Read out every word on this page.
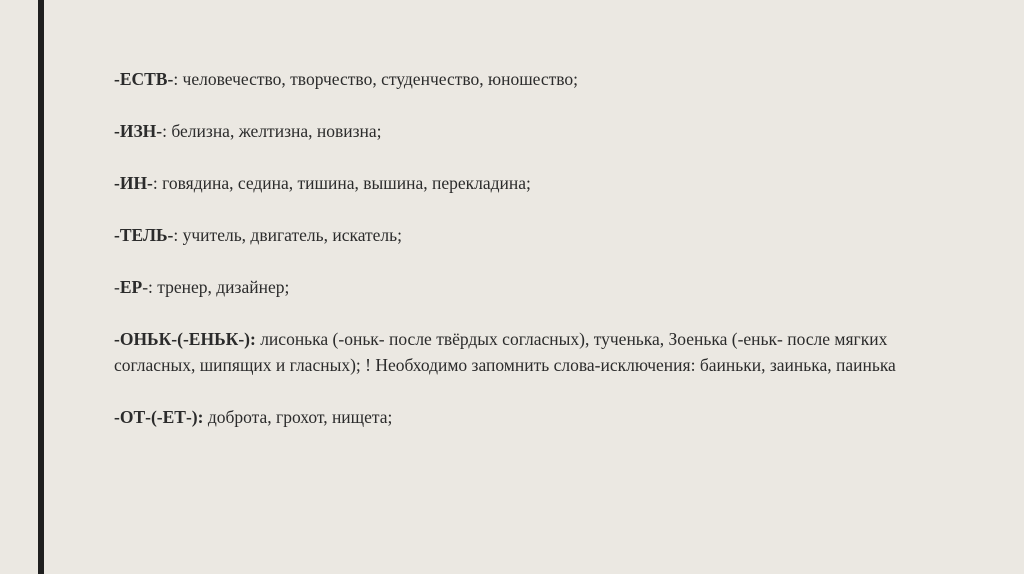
-ЕСТВ-: человечество, творчество, студенчество, юношество;

-ИЗН-: белизна, желтизна, новизна;

-ИН-: говядина, седина, тишина, вышина, перекладина;

-ТЕЛЬ-: учитель, двигатель, искатель;

-ЕР-: тренер, дизайнер;

-ОНЬК-(-ЕНЬК-): лисонька (-оньк- после твёрдых согласных), тученька, Зоенька (-еньк- после мягких согласных, шипящих и гласных); ! Необходимо запомнить слова-исключения: баиньки, заинька, паинька

-ОТ-(-ЕТ-): доброта, грохот, нищета;
